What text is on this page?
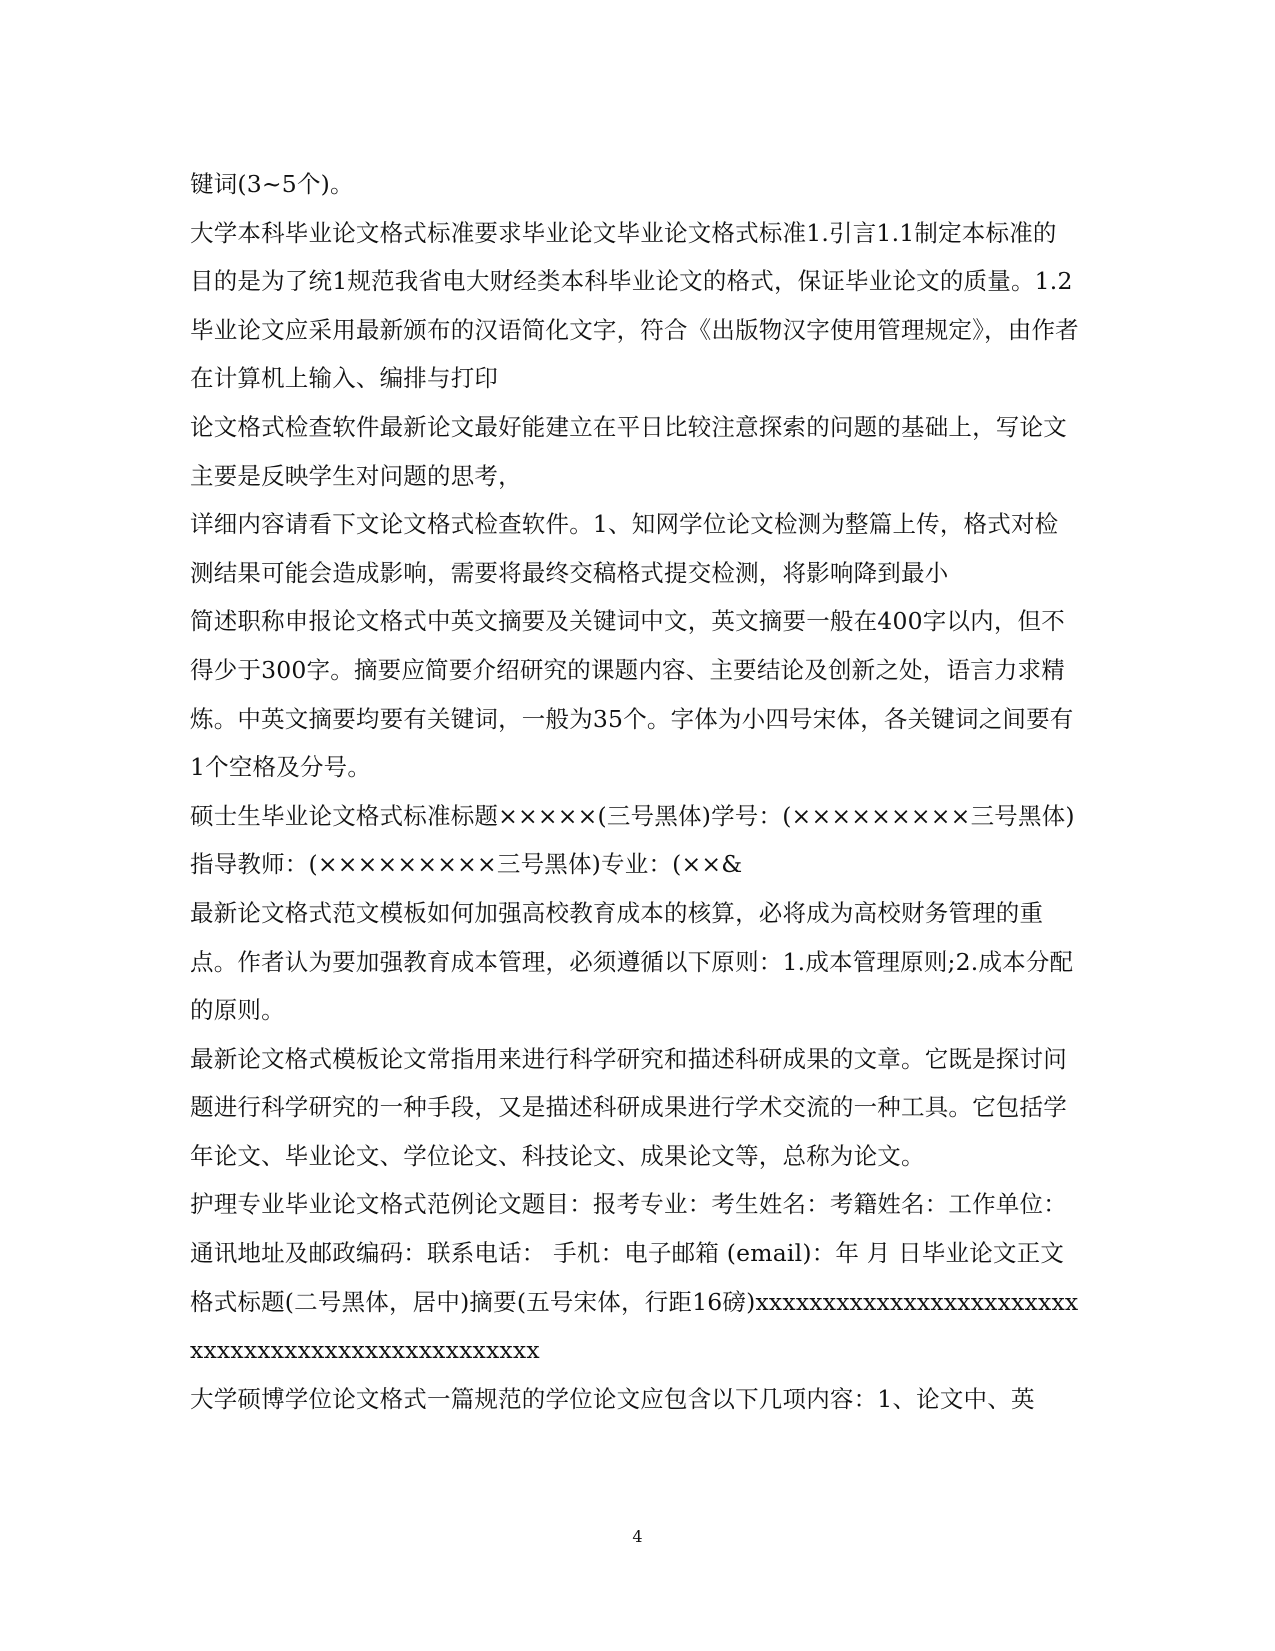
键词(3~5个)。

大学本科毕业论文格式标准要求毕业论文毕业论文格式标准1.引言1.1制定本标准的目的是为了统1规范我省电大财经类本科毕业论文的格式，保证毕业论文的质量。1.2毕业论文应采用最新颁布的汉语简化文字，符合《出版物汉字使用管理规定》，由作者在计算机上输入、编排与打印

论文格式检查软件最新论文最好能建立在平日比较注意探索的问题的基础上，写论文主要是反映学生对问题的思考，

详细内容请看下文论文格式检查软件。1、知网学位论文检测为整篇上传，格式对检测结果可能会造成影响，需要将最终交稿格式提交检测，将影响降到最小

简述职称申报论文格式中英文摘要及关键词中文，英文摘要一般在400字以内，但不得少于300字。摘要应简要介绍研究的课题内容、主要结论及创新之处，语言力求精炼。中英文摘要均要有关键词，一般为35个。字体为小四号宋体，各关键词之间要有1个空格及分号。

硕士生毕业论文格式标准标题×××××(三号黑体)学号：(×××××××××三号黑体)指导教师：(×××××××××三号黑体)专业：(××&

最新论文格式范文模板如何加强高校教育成本的核算，必将成为高校财务管理的重点。作者认为要加强教育成本管理，必须遵循以下原则：1.成本管理原则;2.成本分配的原则。

最新论文格式模板论文常指用来进行科学研究和描述科研成果的文章。它既是探讨问题进行科学研究的一种手段，又是描述科研成果进行学术交流的一种工具。它包括学年论文、毕业论文、学位论文、科技论文、成果论文等，总称为论文。

护理专业毕业论文格式范例论文题目：报考专业：考生姓名：考籍姓名：工作单位：通讯地址及邮政编码：联系电话： 手机：电子邮箱 (email)：年 月 日毕业论文正文格式标题(二号黑体，居中)摘要(五号宋体，行距16磅)xxxxxxxxxxxxxxxxxxxxxxxxxxxxxxxxxxxxxxxxxxxxxxxxxx

大学硕博学位论文格式一篇规范的学位论文应包含以下几项内容：1、论文中、英

4
